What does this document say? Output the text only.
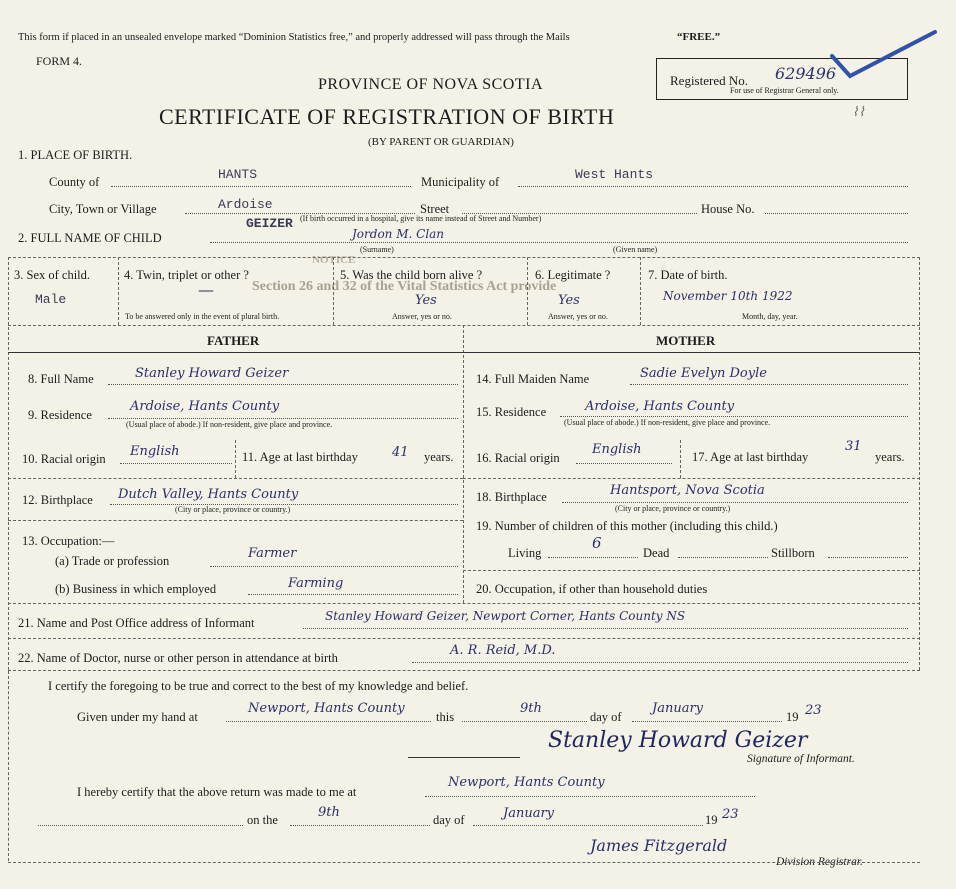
NOTICE
Section 26 and 32 of the Vital Statistics Act provide
This form if placed in an unsealed envelope marked “Dominion Statistics free,” and properly addressed will pass through the Mails	“FREE.”
FORM 4.
PROVINCE OF NOVA SCOTIA
CERTIFICATE OF REGISTRATION OF BIRTH
(BY PARENT OR GUARDIAN)
Registered No. 629496
For use of Registrar General only.
⌇⌇
1. PLACE OF BIRTH.
County of	HANTS	Municipality of	West Hants
City, Town or Village	Ardoise	Street	House No.
(If birth occurred in a hospital, give its name instead of Street and Number)
2. FULL NAME OF CHILD
GEIZER
Jordon M. Clan
(Surname)	(Given name)
3. Sex of child.
Male
4. Twin, triplet or other ?
—
To be answered only in the event of plural birth.
5. Was the child born alive ?
Yes
Answer, yes or no.
6. Legitimate ?
Yes
Answer, yes or no.
7. Date of birth.
November 10th 1922
Month, day, year.
FATHER
8. Full Name	Stanley Howard Geizer
9. Residence
Ardoise, Hants County
(Usual place of abode.) If non-resident, give place and province.
10. Racial origin English	11. Age at last birthday	41 years.
12. Birthplace Dutch Valley, Hants County
(City or place, province or country.)
13. Occupation:—
(a) Trade or profession	Farmer
(b) Business in which employed	Farming
MOTHER
14. Full Maiden Name	Sadie Evelyn Doyle
15. Residence	Ardoise, Hants County
(Usual place of abode.) If non-resident, give place and province.
16. Racial origin
English	17. Age at last birthday
31
years.
18. Birthplace	Hantsport, Nova Scotia
(City or place, province or country.)
19. Number of children of this mother (including this child.)
Living
6
Dead	Stillborn
20. Occupation, if other than household duties
21. Name and Post Office address of Informant	Stanley Howard Geizer, Newport Corner, Hants County NS
22. Name of Doctor, nurse or other person in attendance at birth	A. R. Reid, M.D.
I certify the foregoing to be true and correct to the best of my knowledge and belief.
Given under my hand at
Newport, Hants County
this
9th
day of
January
19 23
Stanley Howard Geizer
Signature of Informant.
I hereby certify that the above return was made to me at
Newport, Hants County
on the	9th	day of	January	19 23
James Fitzgerald
Division Registrar.
